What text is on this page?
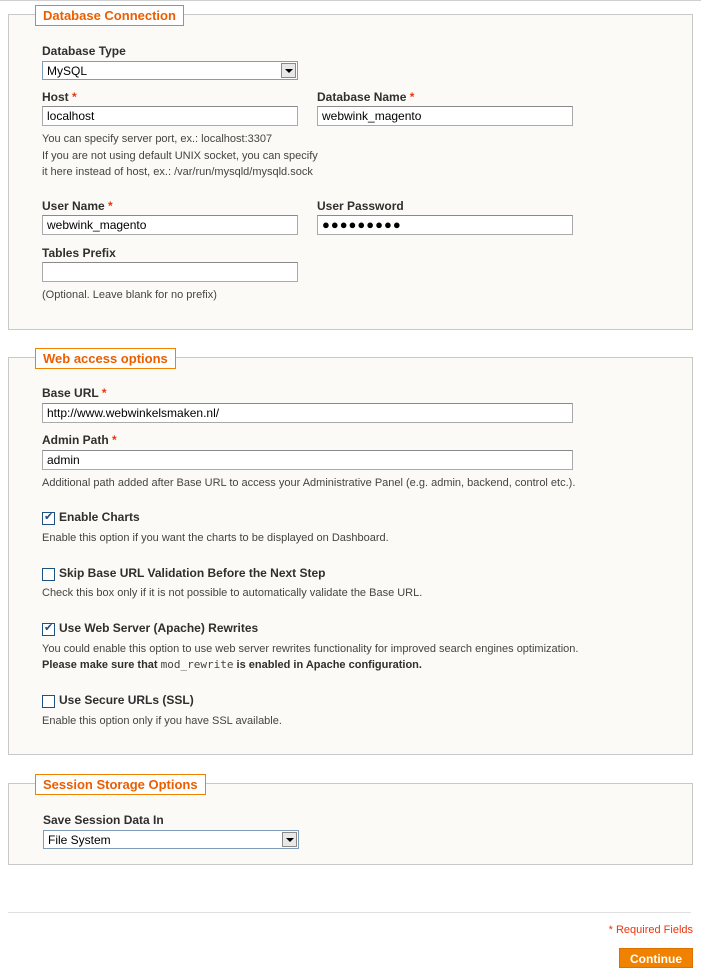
Database Connection
Database Type
MySQL
Host *
localhost
Database Name *
webwink_magento
You can specify server port, ex.: localhost:3307
If you are not using default UNIX socket, you can specify
it here instead of host, ex.: /var/run/mysqld/mysqld.sock
User Name *
webwink_magento
User Password
●●●●●●●●●
Tables Prefix
(Optional. Leave blank for no prefix)
Web access options
Base URL *
http://www.webwinkelsmaken.nl/
Admin Path *
admin
Additional path added after Base URL to access your Administrative Panel (e.g. admin, backend, control etc.).
✔ Enable Charts
Enable this option if you want the charts to be displayed on Dashboard.
Skip Base URL Validation Before the Next Step
Check this box only if it is not possible to automatically validate the Base URL.
✔ Use Web Server (Apache) Rewrites
You could enable this option to use web server rewrites functionality for improved search engines optimization.
Please make sure that mod_rewrite is enabled in Apache configuration.
Use Secure URLs (SSL)
Enable this option only if you have SSL available.
Session Storage Options
Save Session Data In
File System
* Required Fields
Continue
